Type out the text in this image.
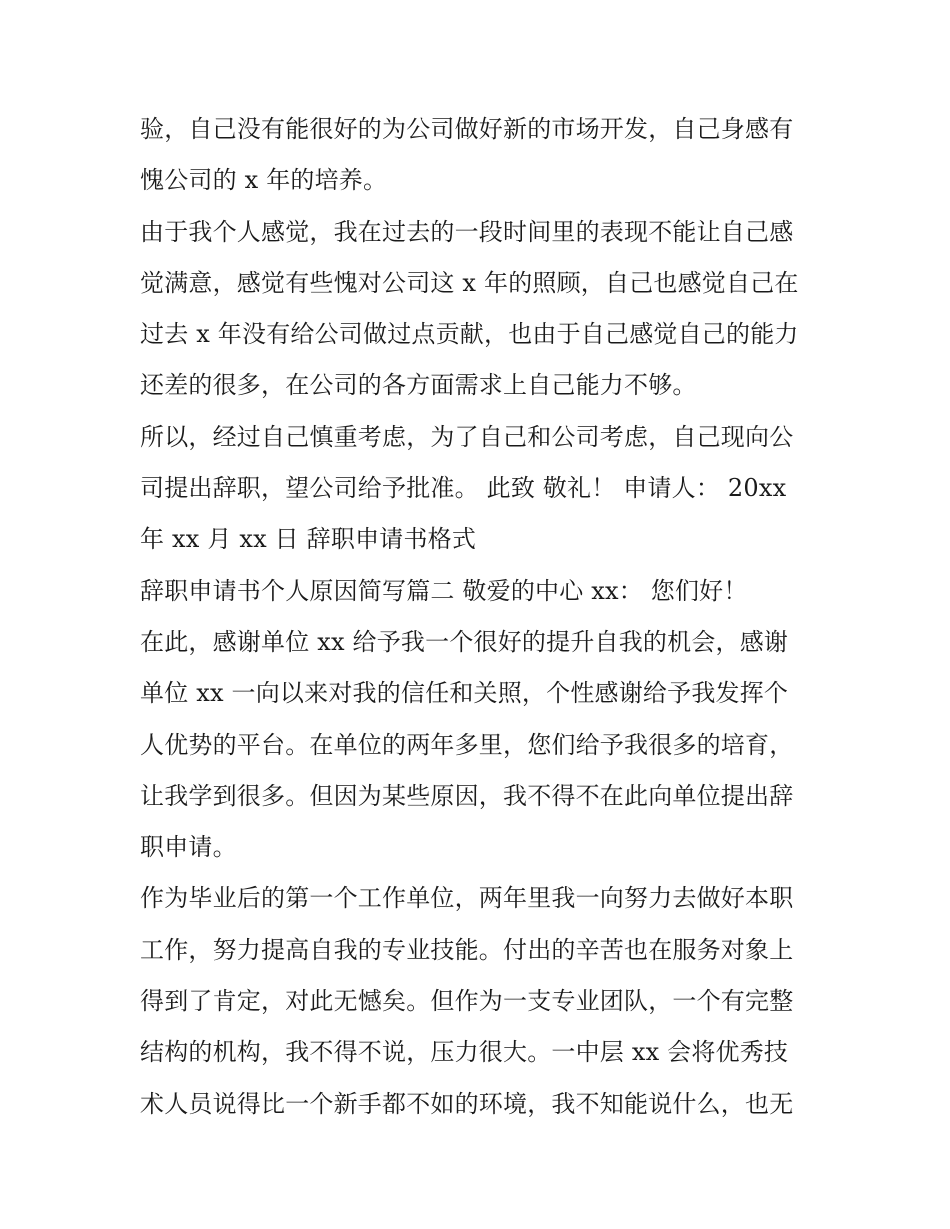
验，自己没有能很好的为公司做好新的市场开发，自己身感有
愧公司的 x 年的培养。
由于我个人感觉，我在过去的一段时间里的表现不能让自己感
觉满意，感觉有些愧对公司这 x 年的照顾，自己也感觉自己在
过去 x 年没有给公司做过点贡献，也由于自己感觉自己的能力
还差的很多，在公司的各方面需求上自己能力不够。
所以，经过自己慎重考虑，为了自己和公司考虑，自己现向公
司提出辞职，望公司给予批准。 此致 敬礼！ 申请人： 20xx
年 xx 月 xx 日 辞职申请书格式
辞职申请书个人原因简写篇二 敬爱的中心 xx： 您们好！
在此，感谢单位 xx 给予我一个很好的提升自我的机会，感谢
单位 xx 一向以来对我的信任和关照，个性感谢给予我发挥个
人优势的平台。在单位的两年多里，您们给予我很多的培育，
让我学到很多。但因为某些原因，我不得不在此向单位提出辞
职申请。
作为毕业后的第一个工作单位，两年里我一向努力去做好本职
工作，努力提高自我的专业技能。付出的辛苦也在服务对象上
得到了肯定，对此无憾矣。但作为一支专业团队，一个有完整
结构的机构，我不得不说，压力很大。一中层 xx 会将优秀技
术人员说得比一个新手都不如的环境，我不知能说什么，也无
